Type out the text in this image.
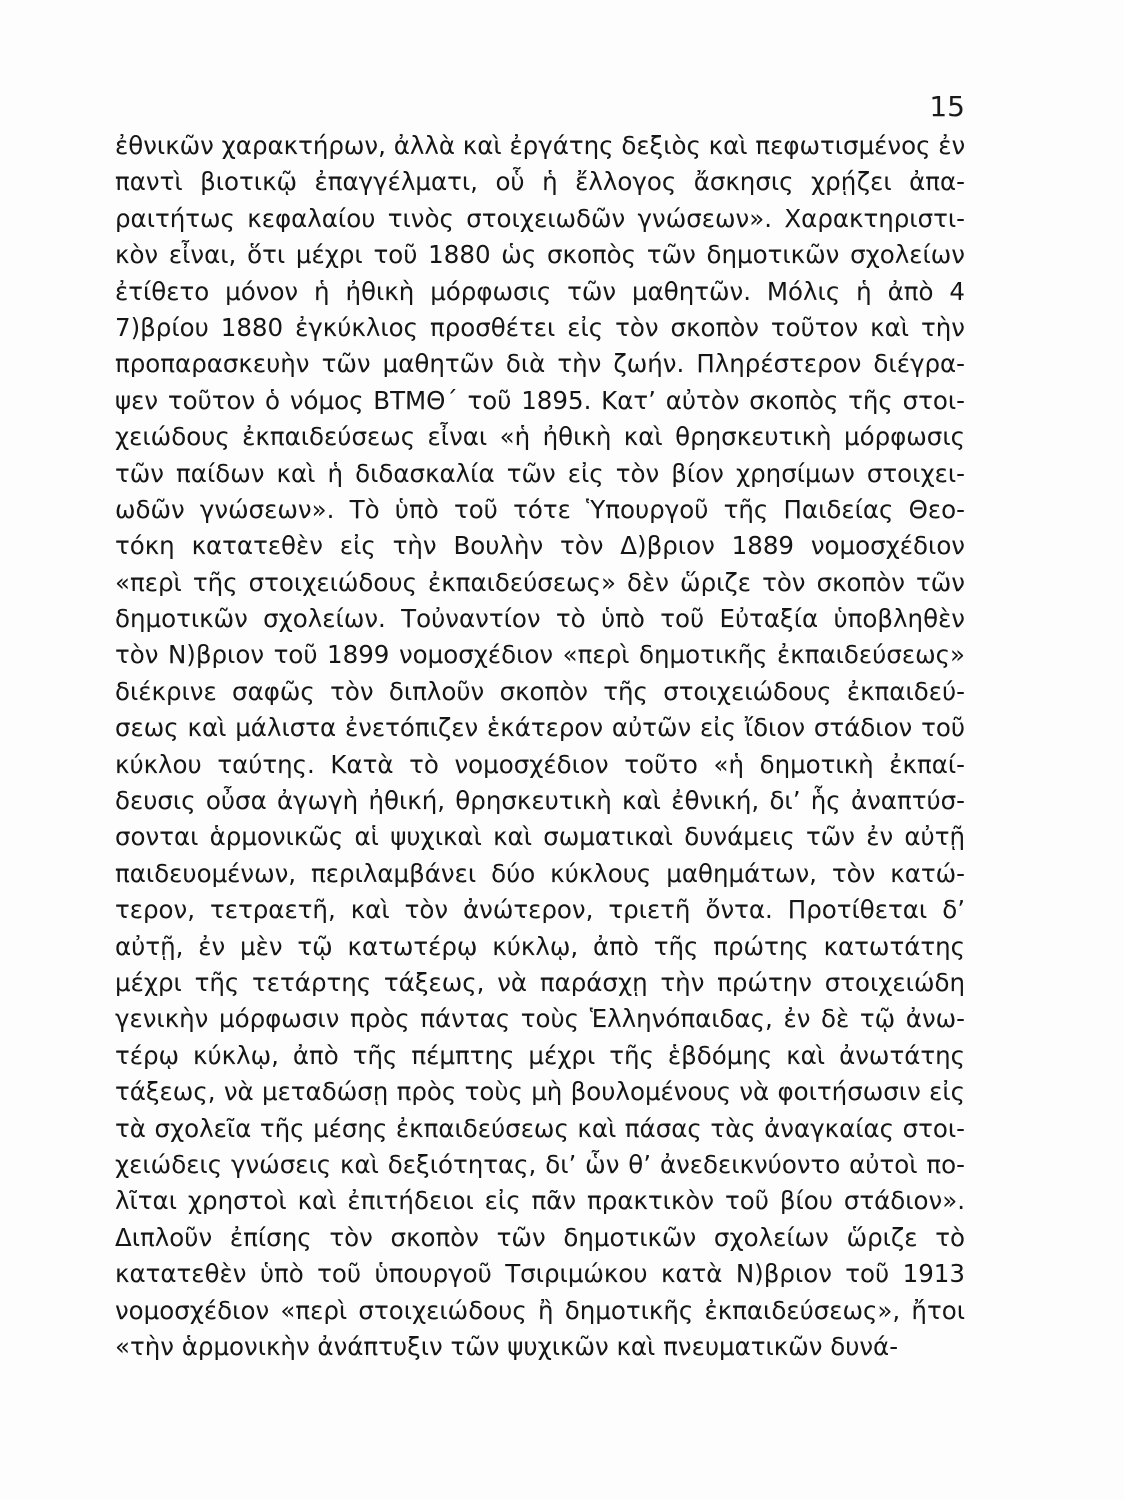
15
ἐθνικῶν χαρακτήρων, ἀλλὰ καὶ ἐργάτης δεξιὸς καὶ πεφωτισμένος ἐν
παντὶ βιοτικῷ ἐπαγγέλματι, οὗ ἡ ἔλλογος ἄσκησις χρῄζει ἀπα-
ραιτήτως κεφαλαίου τινὸς στοιχειωδῶν γνώσεων». Χαρακτηριστι-
κὸν εἶναι, ὅτι μέχρι τοῦ 1880 ὡς σκοπὸς τῶν δημοτικῶν σχολείων
ἐτίθετο μόνον ἡ ἠθικὴ μόρφωσις τῶν μαθητῶν. Μόλις ἡ ἀπὸ 4
7)βρίου 1880 ἐγκύκλιος προσθέτει εἰς τὸν σκοπὸν τοῦτον καὶ τὴν
προπαρασκευὴν τῶν μαθητῶν διὰ τὴν ζωήν. Πληρέστερον διέγρα-
ψεν τοῦτον ὁ νόμος ΒΤΜΘ΄ τοῦ 1895. Κατ’ αὐτὸν σκοπὸς τῆς στοι-
χειώδους ἐκπαιδεύσεως εἶναι «ἡ ἠθικὴ καὶ θρησκευτικὴ μόρφωσις
τῶν παίδων καὶ ἡ διδασκαλία τῶν εἰς τὸν βίον χρησίμων στοιχει-
ωδῶν γνώσεων». Τὸ ὑπὸ τοῦ τότε Ὑπουργοῦ τῆς Παιδείας Θεο-
τόκη κατατεθὲν εἰς τὴν Βουλὴν τὸν Δ)βριον 1889 νομοσχέδιον
«περὶ τῆς στοιχειώδους ἐκπαιδεύσεως» δὲν ὥριζε τὸν σκοπὸν τῶν
δημοτικῶν σχολείων. Τοὐναντίον τὸ ὑπὸ τοῦ Εὐταξία ὑποβληθὲν
τὸν Ν)βριον τοῦ 1899 νομοσχέδιον «περὶ δημοτικῆς ἐκπαιδεύσεως»
διέκρινε σαφῶς τὸν διπλοῦν σκοπὸν τῆς στοιχειώδους ἐκπαιδεύ-
σεως καὶ μάλιστα ἐνετόπιζεν ἑκάτερον αὐτῶν εἰς ἴδιον στάδιον τοῦ
κύκλου ταύτης. Κατὰ τὸ νομοσχέδιον τοῦτο «ἡ δημοτικὴ ἐκπαί-
δευσις οὖσα ἀγωγὴ ἠθική, θρησκευτικὴ καὶ ἐθνική, δι’ ἧς ἀναπτύσ-
σονται ἁρμονικῶς αἱ ψυχικαὶ καὶ σωματικαὶ δυνάμεις τῶν ἐν αὐτῇ
παιδευομένων, περιλαμβάνει δύο κύκλους μαθημάτων, τὸν κατώ-
τερον, τετραετῆ, καὶ τὸν ἀνώτερον, τριετῆ ὄντα. Προτίθεται δ’
αὐτῇ, ἐν μὲν τῷ κατωτέρῳ κύκλῳ, ἀπὸ τῆς πρώτης κατωτάτης
μέχρι τῆς τετάρτης τάξεως, νὰ παράσχῃ τὴν πρώτην στοιχειώδη
γενικὴν μόρφωσιν πρὸς πάντας τοὺς Ἑλληνόπαιδας, ἐν δὲ τῷ ἀνω-
τέρῳ κύκλῳ, ἀπὸ τῆς πέμπτης μέχρι τῆς ἑβδόμης καὶ ἀνωτάτης
τάξεως, νὰ μεταδώσῃ πρὸς τοὺς μὴ βουλομένους νὰ φοιτήσωσιν εἰς
τὰ σχολεῖα τῆς μέσης ἐκπαιδεύσεως καὶ πάσας τὰς ἀναγκαίας στοι-
χειώδεις γνώσεις καὶ δεξιότητας, δι’ ὧν θ’ ἀνεδεικνύοντο αὐτοὶ πο-
λῖται χρηστοὶ καὶ ἐπιτήδειοι εἰς πᾶν πρακτικὸν τοῦ βίου στάδιον».
Διπλοῦν ἐπίσης τὸν σκοπὸν τῶν δημοτικῶν σχολείων ὥριζε τὸ
κατατεθὲν ὑπὸ τοῦ ὑπουργοῦ Τσιριμώκου κατὰ Ν)βριον τοῦ 1913
νομοσχέδιον «περὶ στοιχειώδους ἢ δημοτικῆς ἐκπαιδεύσεως», ἤτοι
«τὴν ἁρμονικὴν ἀνάπτυξιν τῶν ψυχικῶν καὶ πνευματικῶν δυνά-
